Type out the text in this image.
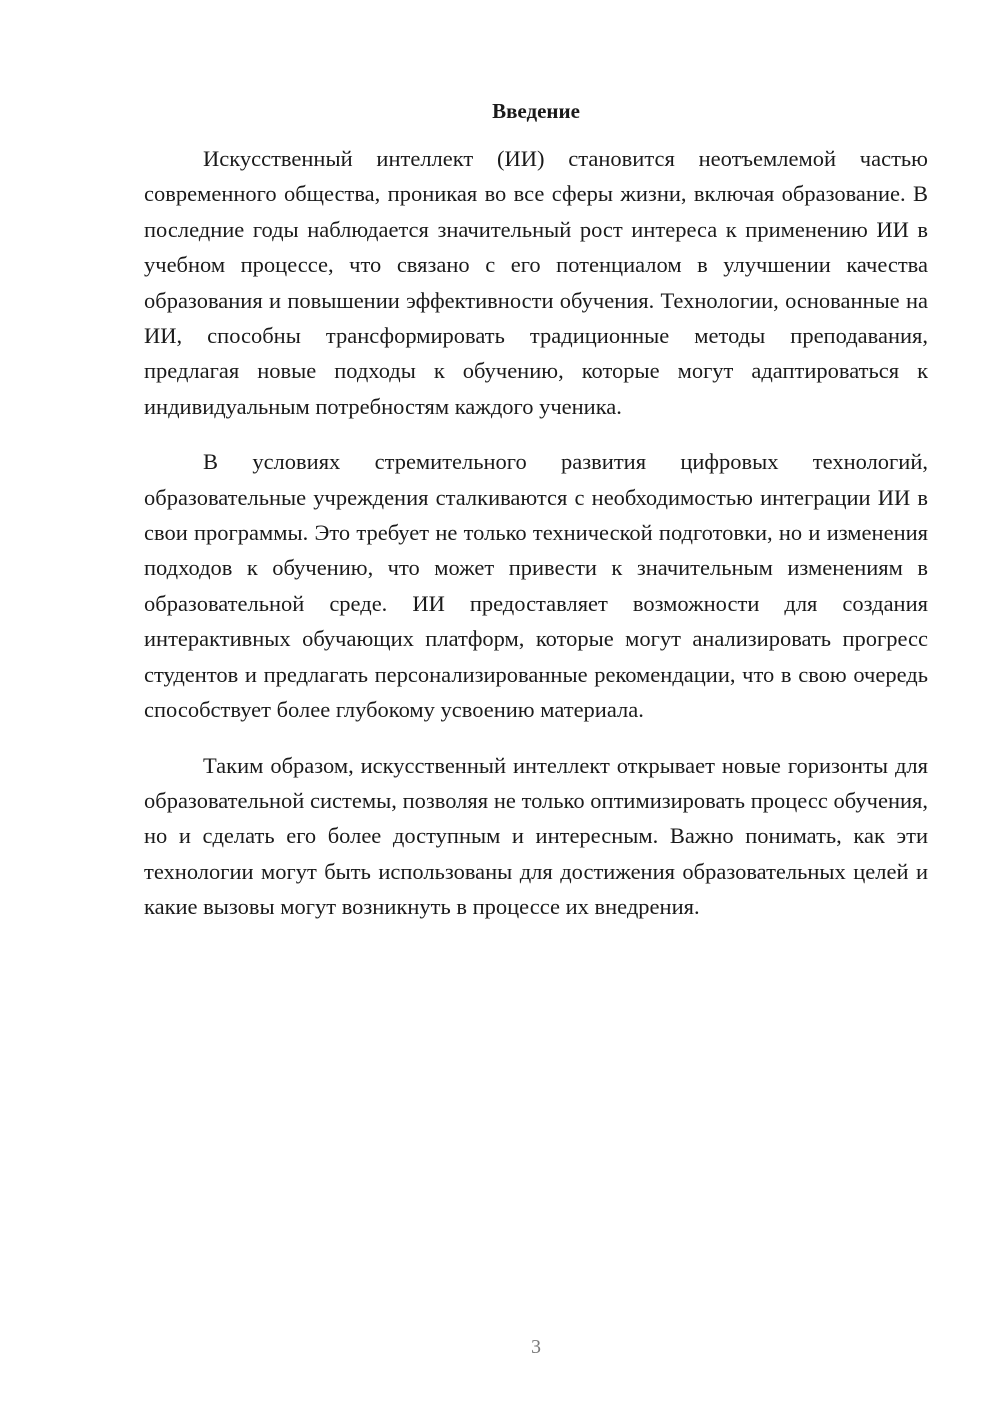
Введение

Искусственный интеллект (ИИ) становится неотъемлемой частью современного общества, проникая во все сферы жизни, включая образование. В последние годы наблюдается значительный рост интереса к применению ИИ в учебном процессе, что связано с его потенциалом в улучшении качества образования и повышении эффективности обучения. Технологии, основанные на ИИ, способны трансформировать традиционные методы преподавания, предлагая новые подходы к обучению, которые могут адаптироваться к индивидуальным потребностям каждого ученика.

В условиях стремительного развития цифровых технологий, образовательные учреждения сталкиваются с необходимостью интеграции ИИ в свои программы. Это требует не только технической подготовки, но и изменения подходов к обучению, что может привести к значительным изменениям в образовательной среде. ИИ предоставляет возможности для создания интерактивных обучающих платформ, которые могут анализировать прогресс студентов и предлагать персонализированные рекомендации, что в свою очередь способствует более глубокому усвоению материала.

Таким образом, искусственный интеллект открывает новые горизонты для образовательной системы, позволяя не только оптимизировать процесс обучения, но и сделать его более доступным и интересным. Важно понимать, как эти технологии могут быть использованы для достижения образовательных целей и какие вызовы могут возникнуть в процессе их внедрения.

3
